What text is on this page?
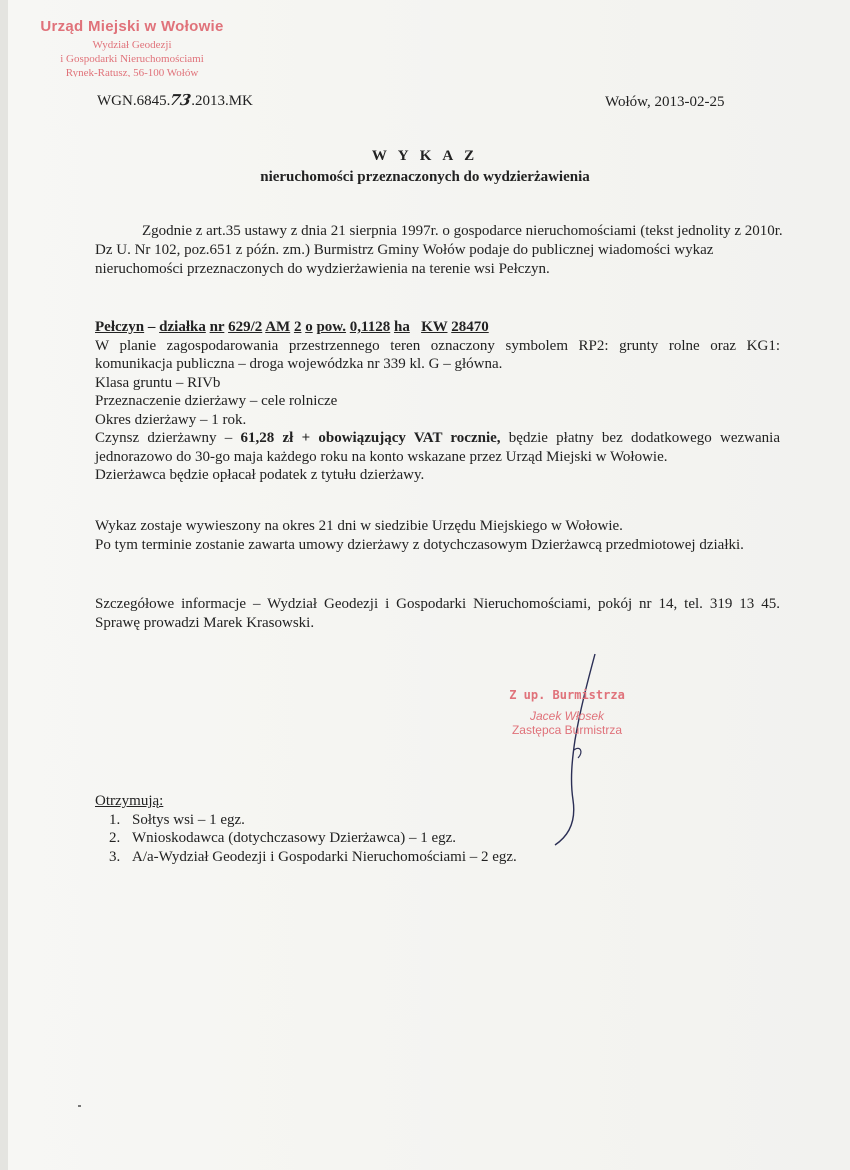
Urząd Miejski w Wołowie
Wydział Geodezji
i Gospodarki Nieruchomościami
Rynek-Ratusz, 56-100 Wołów
WGN.6845.73.2013.MK	Wołów, 2013-02-25
W Y K A Z
nieruchomości przeznaczonych do wydzierżawienia
Zgodnie z art.35 ustawy z dnia 21 sierpnia 1997r. o gospodarce nieruchomościami (tekst jednolity z 2010r. Dz U. Nr 102, poz.651 z późn. zm.) Burmistrz Gminy Wołów podaje do publicznej wiadomości wykaz nieruchomości przeznaczonych do wydzierżawienia na terenie wsi Pełczyn.
Pełczyn – działka nr 629/2 AM 2 o pow. 0,1128 ha KW 28470
W planie zagospodarowania przestrzennego teren oznaczony symbolem RP2: grunty rolne oraz KG1: komunikacja publiczna – droga wojewódzka nr 339 kl. G – główna.
Klasa gruntu – RIVb
Przeznaczenie dzierżawy – cele rolnicze
Okres dzierżawy – 1 rok.
Czynsz dzierżawny – 61,28 zł + obowiązujący VAT rocznie, będzie płatny bez dodatkowego wezwania jednorazowo do 30-go maja każdego roku na konto wskazane przez Urząd Miejski w Wołowie.
Dzierżawca będzie opłacał podatek z tytułu dzierżawy.
Wykaz zostaje wywieszony na okres 21 dni w siedzibie Urzędu Miejskiego w Wołowie.
Po tym terminie zostanie zawarta umowy dzierżawy z dotychczasowym Dzierżawcą przedmiotowej działki.
Szczegółowe informacje – Wydział Geodezji i Gospodarki Nieruchomościami, pokój nr 14, tel. 319 13 45. Sprawę prowadzi Marek Krasowski.
Z up. Burmistrza
Jacek Włosek
Zastępca Burmistrza
Otrzymują:
1. Sołtys wsi – 1 egz.
2. Wnioskodawca (dotychczasowy Dzierżawca) – 1 egz.
3. A/a-Wydział Geodezji i Gospodarki Nieruchomościami – 2 egz.
